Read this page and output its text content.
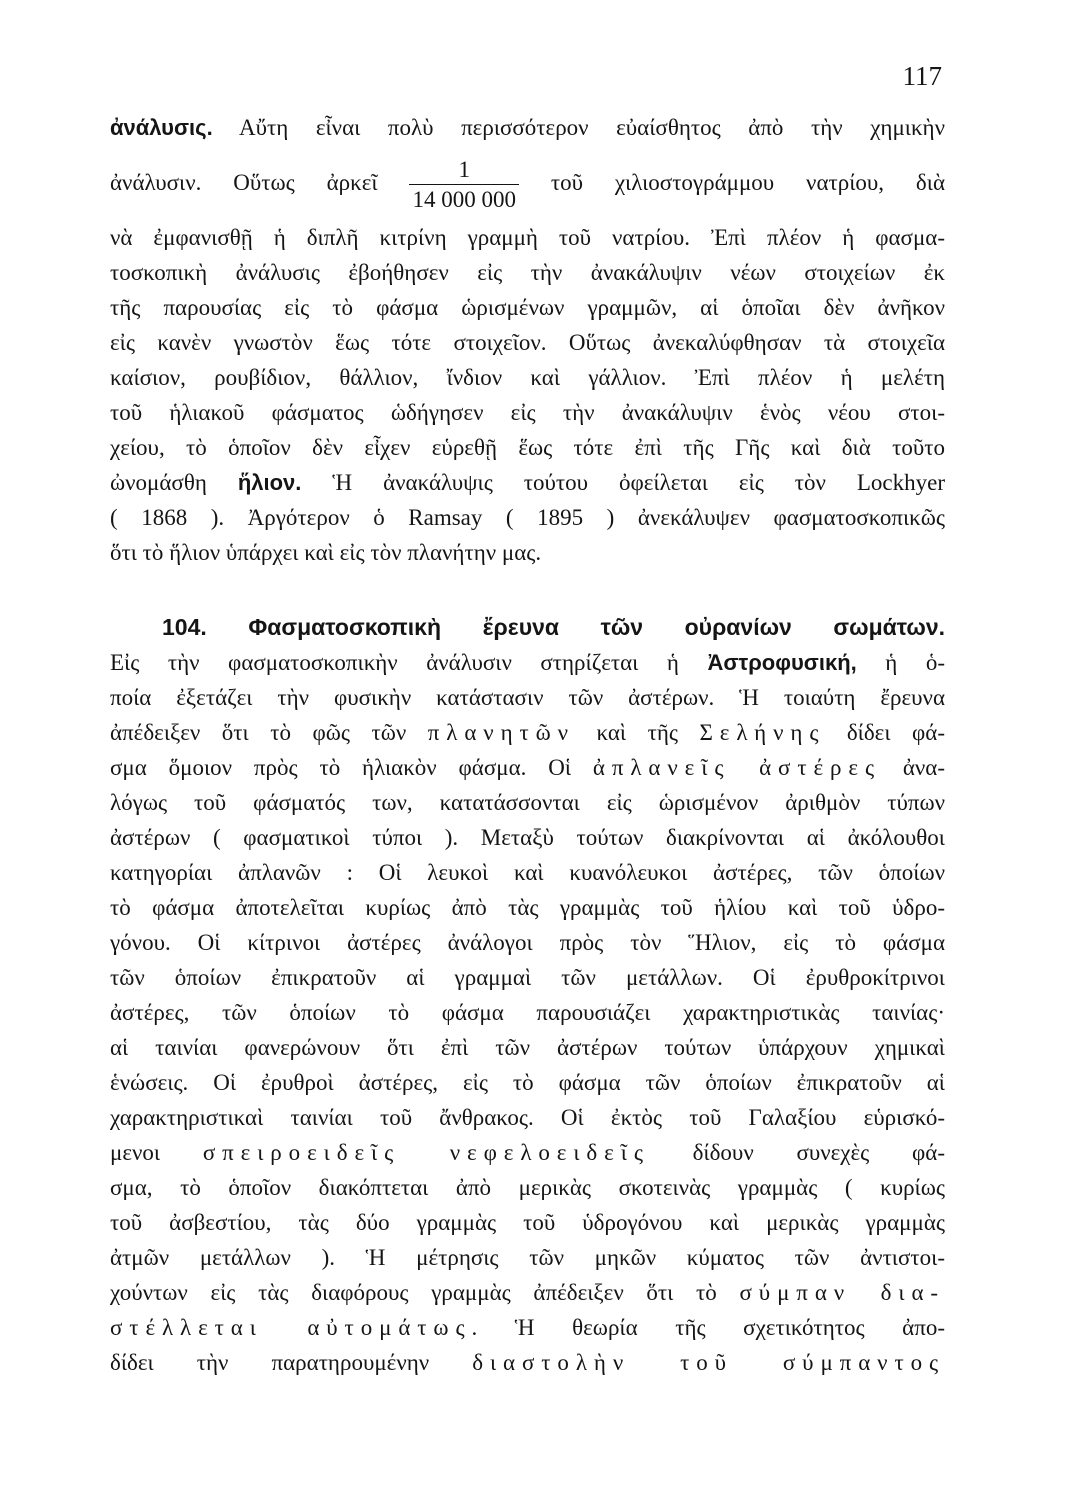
117
ἀνάλυσις. Αὔτη εἶναι πολὺ περισσότερον εὐαίσθητος ἀπὸ τὴν χημικὴν
ἀνάλυσιν. Οὕτως ἀρκεῖ $\frac{1}{14 000 000}$ τοῦ χιλιοστογράμμου νατρίου, διὰ
νὰ ἐμφανισθῇ ἡ διπλῆ κιτρίνη γραμμὴ τοῦ νατρίου. Ἐπὶ πλέον ἡ φασμα-
τοσκοπικὴ ἀνάλυσις ἐβοήθησεν εἰς τὴν ἀνακάλυψιν νέων στοιχείων ἐκ
τῆς παρουσίας εἰς τὸ φάσμα ὡρισμένων γραμμῶν, αἱ ὁποῖαι δὲν ἀνῆκον
εἰς κανὲν γνωστὸν ἕως τότε στοιχεῖον. Οὕτως ἀνεκαλύφθησαν τὰ στοιχεῖα
καίσιον, ρουβίδιον, θάλλιον, ἴνδιον καὶ γάλλιον. Ἐπὶ πλέον ἡ μελέτη
τοῦ ἡλιακοῦ φάσματος ὡδήγησεν εἰς τὴν ἀνακάλυψιν ἑνὸς νέου στοι-
χείου, τὸ ὁποῖον δὲν εἶχεν εὑρεθῇ ἕως τότε ἐπὶ τῆς Γῆς καὶ διὰ τοῦτο
ὠνομάσθη ἥλιον. Ἡ ἀνακάλυψις τούτου ὀφείλεται εἰς τὸν Lockhyer
( 1868 ). Ἀργότερον ὁ Ramsay ( 1895 ) ἀνεκάλυψεν φασματοσκοπικῶς
ὅτι τὸ ἥλιον ὑπάρχει καὶ εἰς τὸν πλανήτην μας.
104. Φασματοσκοπικὴ ἔρευνα τῶν οὐρανίων σωμάτων.
Εἰς τὴν φασματοσκοπικὴν ἀνάλυσιν στηρίζεται ἡ Ἀστροφυσική, ἡ ὁ-
ποία ἐξετάζει τὴν φυσικὴν κατάστασιν τῶν ἀστέρων. Ἡ τοιαύτη ἔρευνα
ἀπέδειξεν ὅτι τὸ φῶς τῶν πλανητῶν καὶ τῆς Σελήνης δίδει φά-
σμα ὅμοιον πρὸς τὸ ἡλιακὸν φάσμα. Οἱ ἀπλανεῖς ἀστέρες ἀνα-
λόγως τοῦ φάσματός των, κατατάσσονται εἰς ὡρισμένον ἀριθμὸν τύπων
ἀστέρων ( φασματικοὶ τύποι ). Μεταξὺ τούτων διακρίνονται αἱ ἀκόλουθοι
κατηγορίαι ἀπλανῶν : Οἱ λευκοὶ καὶ κυανόλευκοι ἀστέρες, τῶν ὁποίων
τὸ φάσμα ἀποτελεῖται κυρίως ἀπὸ τὰς γραμμὰς τοῦ ἡλίου καὶ τοῦ ὑδρο-
γόνου. Οἱ κίτρινοι ἀστέρες ἀνάλογοι πρὸς τὸν Ἥλιον, εἰς τὸ φάσμα
τῶν ὁποίων ἐπικρατοῦν αἱ γραμμαὶ τῶν μετάλλων. Οἱ ἐρυθροκίτρινοι
ἀστέρες, τῶν ὁποίων τὸ φάσμα παρουσιάζει χαρακτηριστικὰς ταινίας·
αἱ ταινίαι φανερώνουν ὅτι ἐπὶ τῶν ἀστέρων τούτων ὑπάρχουν χημικαὶ
ἑνώσεις. Οἱ ἐρυθροὶ ἀστέρες, εἰς τὸ φάσμα τῶν ὁποίων ἐπικρατοῦν αἱ
χαρακτηριστικαὶ ταινίαι τοῦ ἄνθρακος. Οἱ ἐκτὸς τοῦ Γαλαξίου εὑρισκό-
μενοι σπειροειδεῖς νεφελοειδεῖς δίδουν συνεχὲς φά-
σμα, τὸ ὁποῖον διακόπτεται ἀπὸ μερικὰς σκοτεινὰς γραμμὰς ( κυρίως
τοῦ ἀσβεστίου, τὰς δύο γραμμὰς τοῦ ὑδρογόνου καὶ μερικὰς γραμμὰς
ἀτμῶν μετάλλων ). Ἡ μέτρησις τῶν μηκῶν κύματος τῶν ἀντιστοι-
χούντων εἰς τὰς διαφόρους γραμμὰς ἀπέδειξεν ὅτι τὸ σύμπαν δια-
στέλλεται αὐτομάτως. Ἡ θεωρία τῆς σχετικότητος ἀπο-
δίδει τὴν παρατηρουμένην διαστολὴν τοῦ σύμπαντος
